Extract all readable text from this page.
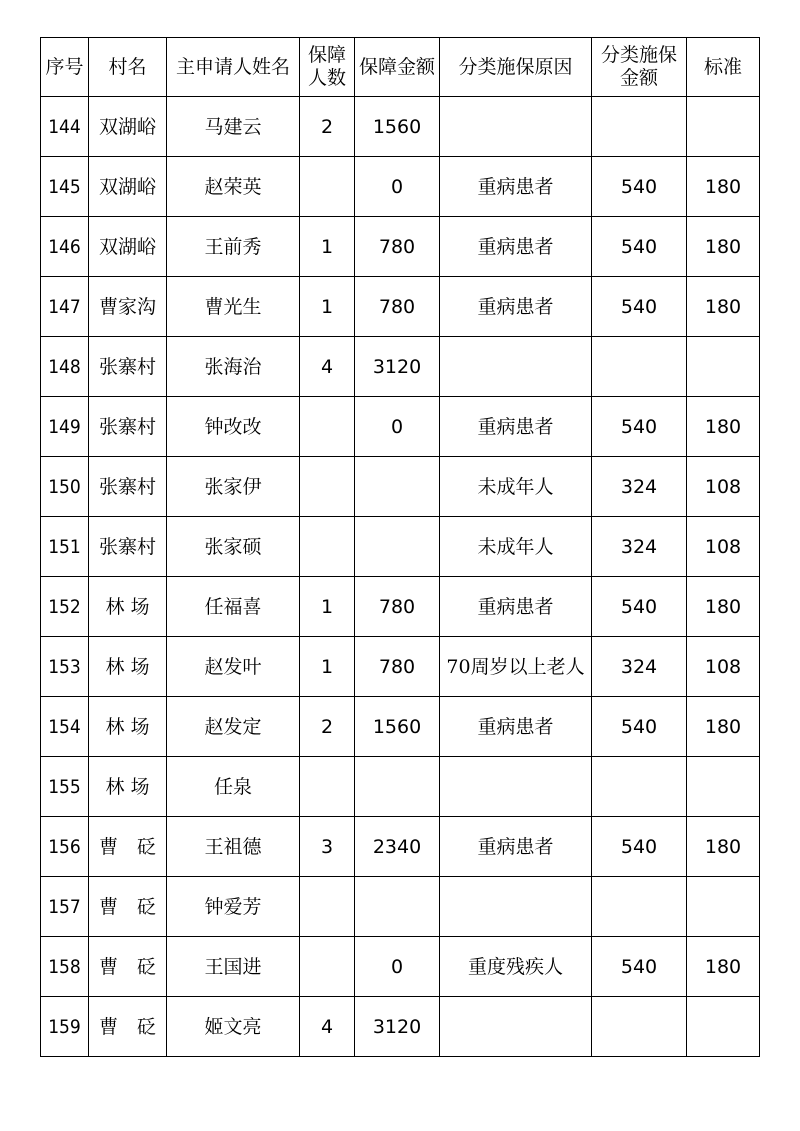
序号	村名	主申请人姓名	保障人数	保障金额	分类施保原因	分类施保金额	标准
144	双湖峪	马建云	2	1560			
145	双湖峪	赵荣英		0	重病患者	540	180
146	双湖峪	王前秀	1	780	重病患者	540	180
147	曹家沟	曹光生	1	780	重病患者	540	180
148	张寨村	张海治	4	3120			
149	张寨村	钟改改		0	重病患者	540	180
150	张寨村	张家伊			未成年人	324	108
151	张寨村	张家硕			未成年人	324	108
152	林 场	任福喜	1	780	重病患者	540	180
153	林 场	赵发叶	1	780	70周岁以上老人	324	108
154	林 场	赵发定	2	1560	重病患者	540	180
155	林 场	任泉					
156	曹　砭	王祖德	3	2340	重病患者	540	180
157	曹　砭	钟爱芳					
158	曹　砭	王国进		0	重度残疾人	540	180
159	曹　砭	姬文亮	4	3120			
